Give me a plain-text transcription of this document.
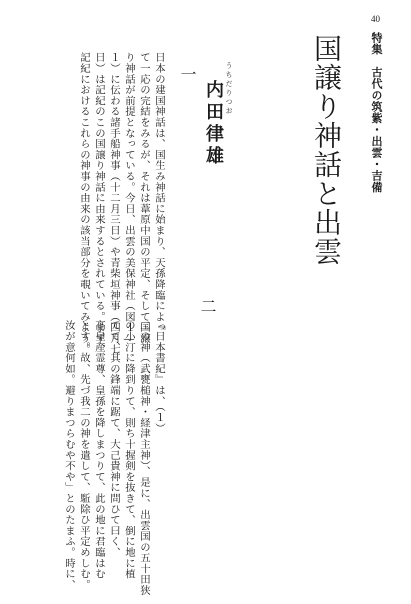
40
特集　古代の筑紫・出雲・吉備
国譲り神話と出雲
うちだりつお
内田律雄
一

日本の建国神話は、国生み神話に始まり、天孫降臨によっ

て一応の完結をみるが、それは葦原中国の平定、そして国譲

り神話が前提となっている。今日、出雲の美保神社（図１―

１）に伝わる諸手船神事（十二月三日）や青柴垣神事（四月七

日）は記紀のこの国譲り神話に由来するとされている。まず、

記紀におけるこれらの神事の由来の該当部分を覗いてみよう。	二

『日本書紀』は、（１）

二の神（武甕槌神・経津主神）、是に、出雲国の五十田狭

の小汀に降到りて、則ち十握剣を抜きて、倒に地に植

てて、其の鋒端に踞て、大己貴神に問ひて曰く、

高皇産霊尊、皇孫を降しまつりて、此の地に君臨はむ

とす。故、先づ我二の神を遣して、駈除ひ平定めしむ。

汝が意何如。避りまつらむや不や」とのたまふ。時に、
